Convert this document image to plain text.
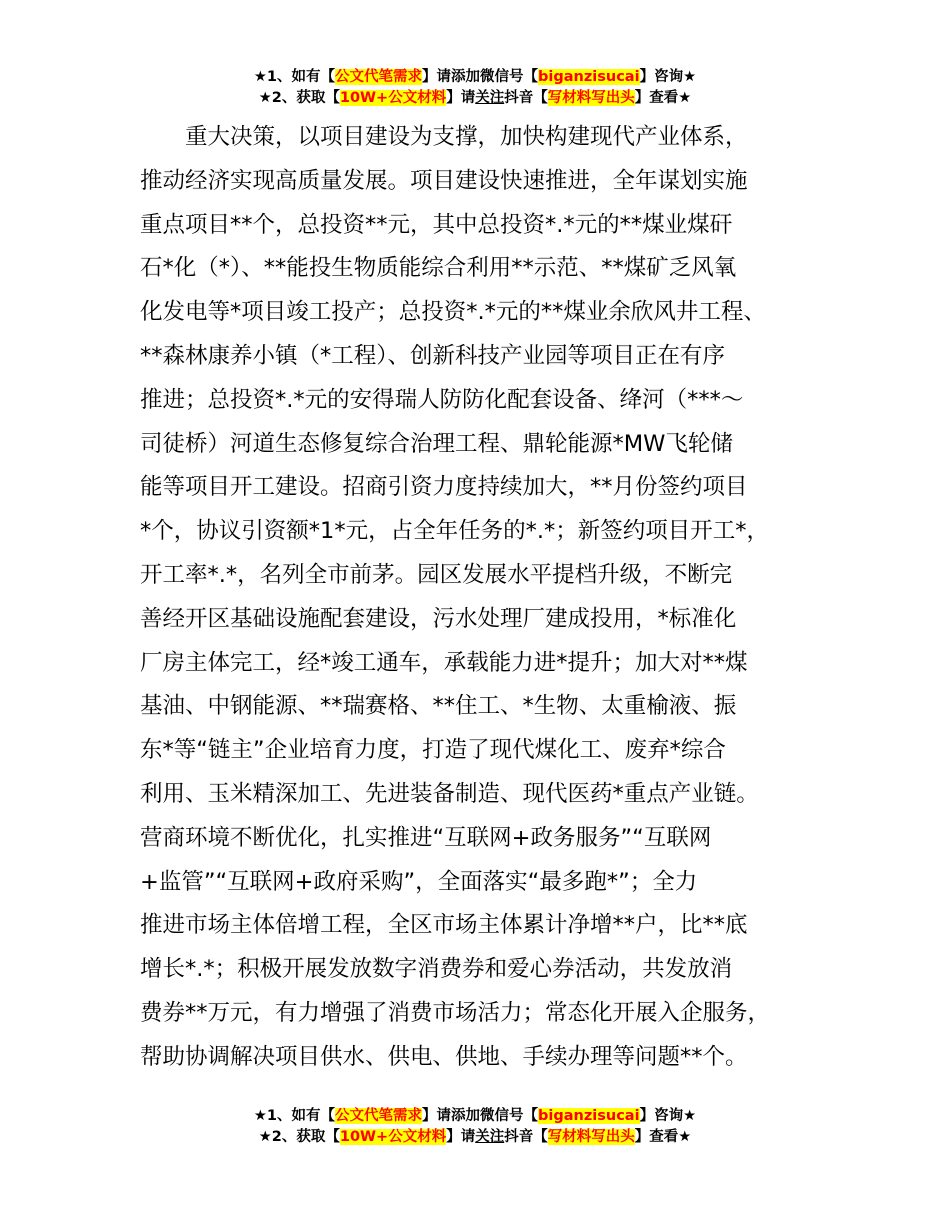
★1、如有【公文代笔需求】请添加微信号【biganzisucai】咨询★
★2、获取【10W+公文材料】请关注抖音【写材料写出头】查看★
重大决策，以项目建设为支撑，加快构建现代产业体系，
推动经济实现高质量发展。项目建设快速推进，全年谋划实施
重点项目**个，总投资**元，其中总投资*.*元的**煤业煤矸
石*化（*）、**能投生物质能综合利用**示范、**煤矿乏风氧
化发电等*项目竣工投产；总投资*.*元的**煤业余欣风井工程、
**森林康养小镇（*工程）、创新科技产业园等项目正在有序
推进；总投资*.*元的安得瑞人防防化配套设备、绛河（***～
司徒桥）河道生态修复综合治理工程、鼎轮能源*MW飞轮储
能等项目开工建设。招商引资力度持续加大，**月份签约项目
*个，协议引资额*1*元，占全年任务的*.*；新签约项目开工*，
开工率*.*，名列全市前茅。园区发展水平提档升级，不断完
善经开区基础设施配套建设，污水处理厂建成投用，*标准化
厂房主体完工，经*竣工通车，承载能力进*提升；加大对**煤
基油、中钢能源、**瑞赛格、**住工、*生物、太重榆液、振
东*等“链主”企业培育力度，打造了现代煤化工、废弃*综合
利用、玉米精深加工、先进装备制造、现代医药*重点产业链。
营商环境不断优化，扎实推进“互联网+政务服务”“互联网
+监管”“互联网+政府采购”，全面落实“最多跑*”；全力
推进市场主体倍增工程，全区市场主体累计净增**户，比**底
增长*.*；积极开展发放数字消费券和爱心券活动，共发放消
费券**万元，有力增强了消费市场活力；常态化开展入企服务，
帮助协调解决项目供水、供电、供地、手续办理等问题**个。
★1、如有【公文代笔需求】请添加微信号【biganzisucai】咨询★
★2、获取【10W+公文材料】请关注抖音【写材料写出头】查看★
